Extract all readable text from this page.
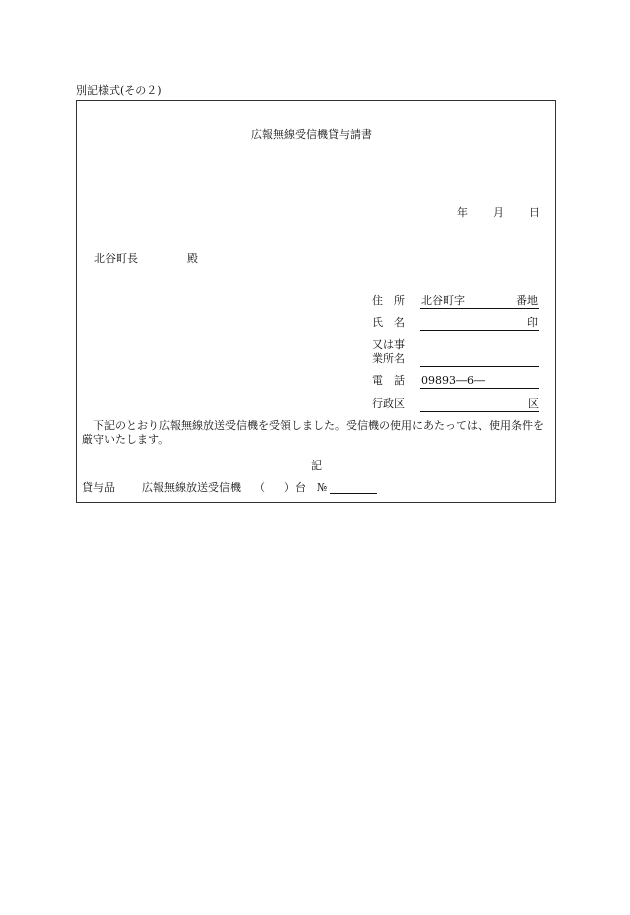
別記様式(その２)
広報無線受信機貸与請書
年 月 日
北谷町長	殿
住　所 北谷町字	番地
氏　名	印
又は事
業所名
電　話 09893―6―
行政区	区
下記のとおり広報無線放送受信機を受領しました。受信機の使用にあたっては、使用条件を厳守いたします。
記
貸与品 広報無線放送受信機 （ ）台 №
